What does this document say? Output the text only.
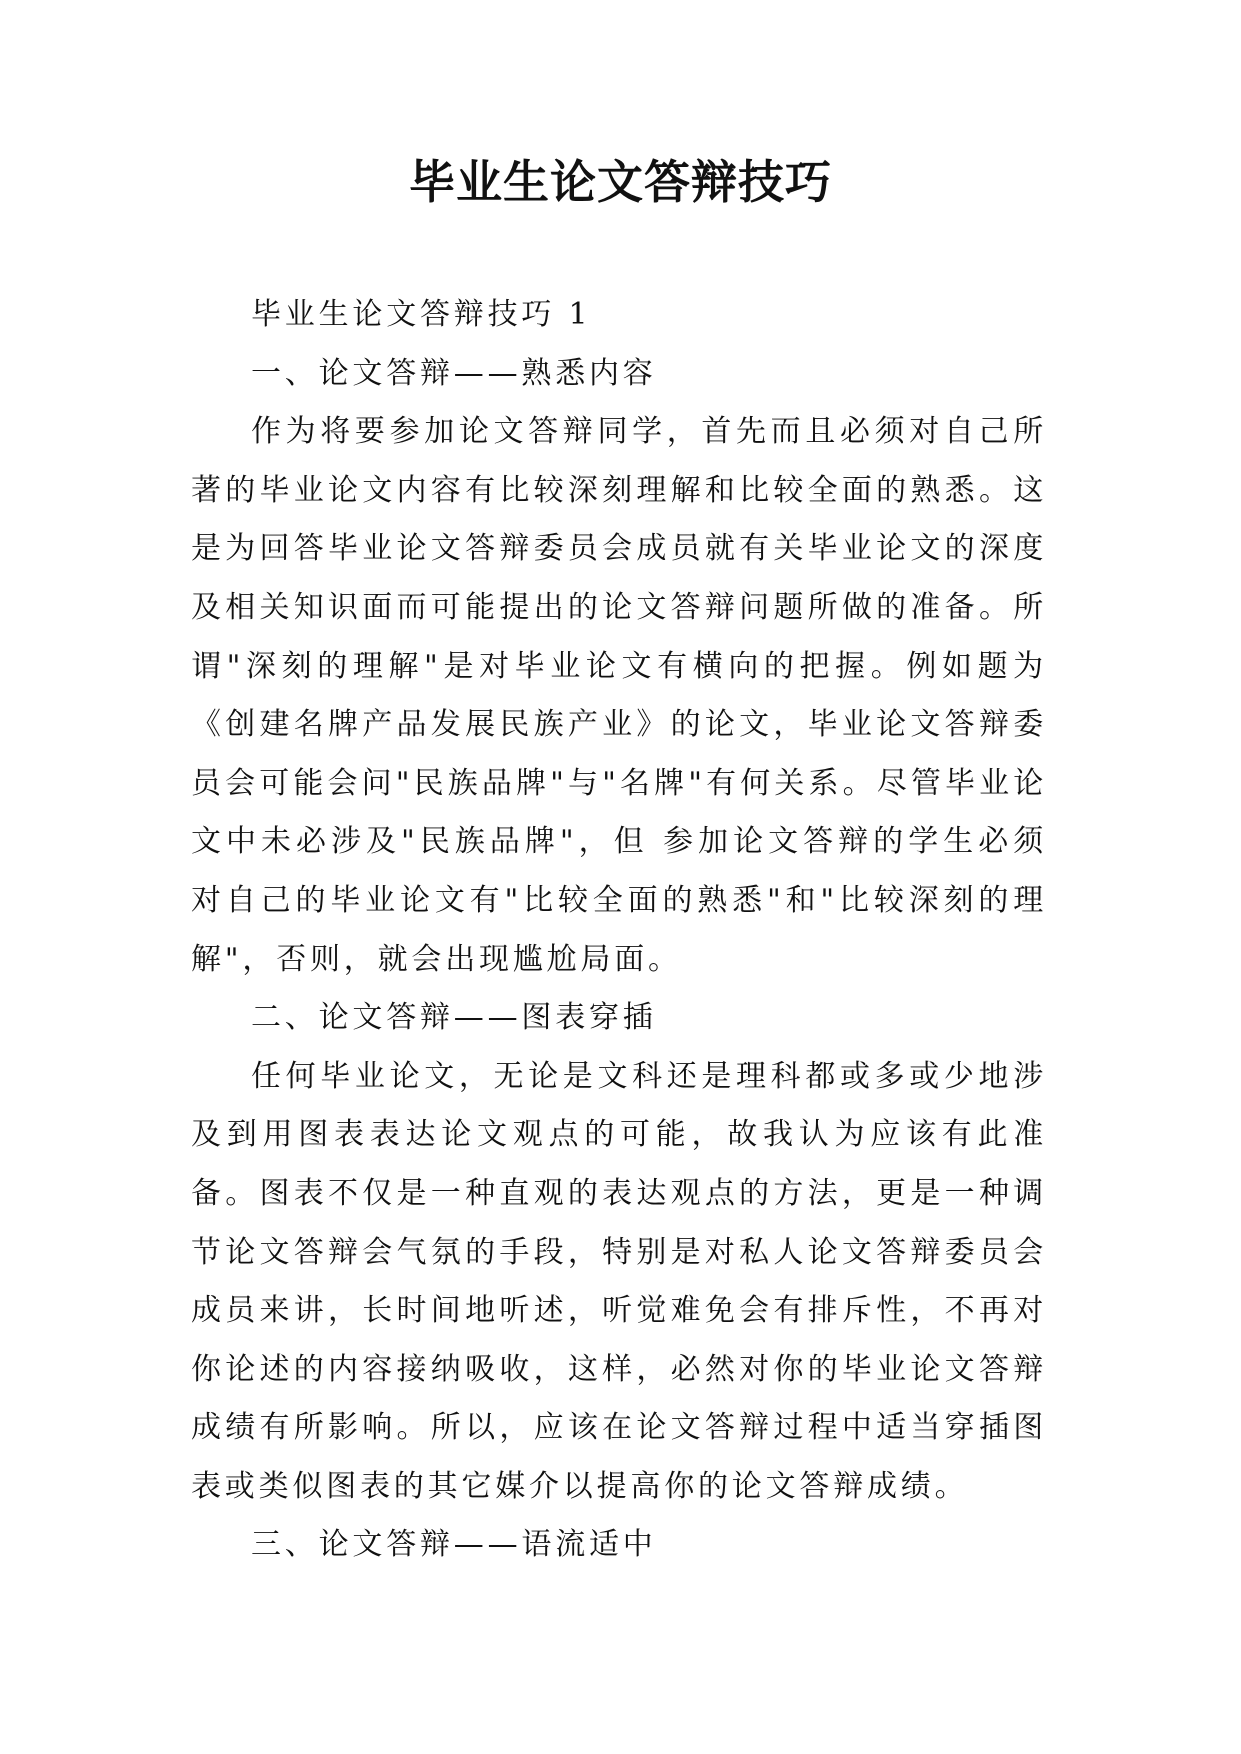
毕业生论文答辩技巧

毕业生论文答辩技巧 1

一、论文答辩——熟悉内容

作为将要参加论文答辩同学，首先而且必须对自己所著的毕业论文内容有比较深刻理解和比较全面的熟悉。这是为回答毕业论文答辩委员会成员就有关毕业论文的深度及相关知识面而可能提出的论文答辩问题所做的准备。所谓"深刻的理解"是对毕业论文有横向的把握。例如题为《创建名牌产品发展民族产业》的论文，毕业论文答辩委员会可能会问"民族品牌"与"名牌"有何关系。尽管毕业论文中未必涉及"民族品牌"，但 参加论文答辩的学生必须对自己的毕业论文有"比较全面的熟悉"和"比较深刻的理解"，否则，就会出现尴尬局面。

二、论文答辩——图表穿插

任何毕业论文，无论是文科还是理科都或多或少地涉及到用图表表达论文观点的可能，故我认为应该有此准备。图表不仅是一种直观的表达观点的方法，更是一种调节论文答辩会气氛的手段，特别是对私人论文答辩委员会成员来讲，长时间地听述，听觉难免会有排斥性，不再对你论述的内容接纳吸收，这样，必然对你的毕业论文答辩成绩有所影响。所以，应该在论文答辩过程中适当穿插图表或类似图表的其它媒介以提高你的论文答辩成绩。

三、论文答辩——语流适中
